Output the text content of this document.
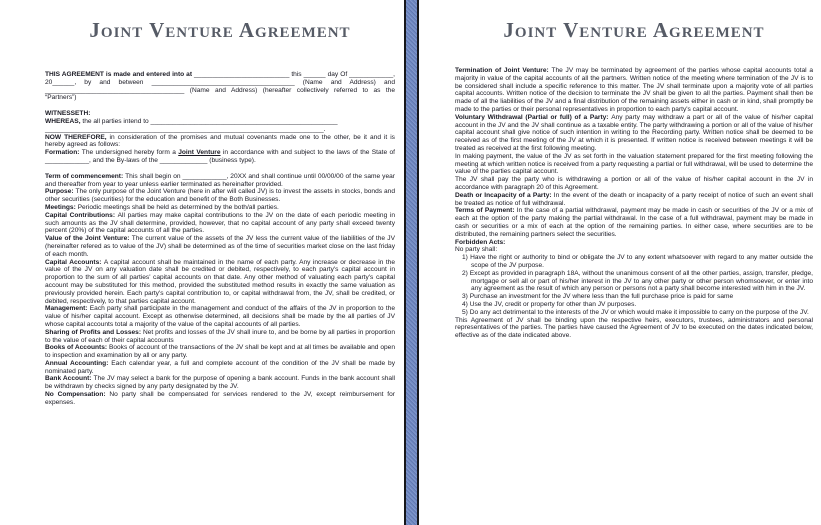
Joint Venture Agreement

THIS AGREEMENT is made and entered into at __________________________ this ______ day Of ____________, 20______, by and between _______________________________________ (Name and Address) and ______________________________________ (Name and Address) (hereafter collectively referred to as the “Partners”)

WITNESSETH:

WHEREAS, the all parties intend to ___________________________________________________

____________________________________________________________________________.

NOW THEREFORE, in consideration of the promises and mutual covenants made one to the other, be it and it is hereby agreed as follows:

Formation: The undersigned hereby form a Joint Venture in accordance with and subject to the laws of the State of ____________, and the By-laws of the _____________ (business type).

Term of commencement: This shall begin on ____________, 20XX and shall continue until 00/00/00 of the same year and thereafter from year to year unless earlier terminated as hereinafter provided.

Purpose: The only purpose of the Joint Venture (here in after will called JV) is to invest the assets in stocks, bonds and other securities (securities) for the education and benefit of the Both Businesses.

Meetings: Periodic meetings shall be held as determined by the both/all parties.

Capital Contributions: All parties may make capital contributions to the JV on the date of each periodic meeting in such amounts as the JV shall determine, provided, however, that no capital account of any party shall exceed twenty percent (20%) of the capital accounts of all the parties.

Value of the Joint Venture: The current value of the assets of the JV less the current value of the liabilities of the JV (hereinafter refered as to value of the JV) shall be determined as of the time of securities market close on the last friday of each month.

Capital Accounts: A capital account shall be maintained in the name of each party. Any increase or decrease in the value of the JV on any valuation date shall be credited or debited, respectively, to each party's capital account in proportion to the sum of all parties' capital accounts on that date. Any other method of valuating each party's capital account may be substituted for this method, provided the substituted method results in exactly the same valuation as previously provided herein. Each party's capital contribution to, or capital withdrawal from, the JV, shall be credited, or debited, respectively, to that parties capital account.

Management: Each party shall participate in the management and conduct of the affairs of the JV in proportion to the value of his/her capital account. Except as otherwise determined, all decisions shall be made by the all parties of JV whose capital accounts total a majority of the value of the capital accounts of all parties.

Sharing of Profits and Losses: Net profits and losses of the JV shall inure to, and be borne by all parties in proportion to the value of each of their capital accounts

Books of Accounts: Books of account of the transactions of the JV shall be kept and at all times be available and open to inspection and examination by all or any party.

Annual Accounting: Each calendar year, a full and complete account of the condition of the JV shall be made by nominated party.

Bank Account: The JV may select a bank for the purpose of opening a bank account. Funds in the bank account shall be withdrawn by checks signed by any party designated by the JV.

No Compensation: No party shall be compensated for services rendered to the JV, except reimbursement for expenses.

Joint Venture Agreement

Termination of Joint Venture: The JV may be terminated by agreement of the parties whose capital accounts total a majority in value of the capital accounts of all the partners. Written notice of the meeting where termination of the JV is to be considered shall include a specific reference to this matter. The JV shall terminate upon a majority vote of all parties capital accounts. Written notice of the decision to terminate the JV shall be given to all the parties. Payment shall then be made of all the liabilities of the JV and a final distribution of the remaining assets either in cash or in kind, shall promptly be made to the parties or their personal representatives in proportion to each party's capital account.

Voluntary Withdrawal (Partial or full) of a Party: Any party may withdraw a part or all of the value of his/her capital account in the JV and the JV shall continue as a taxable entity. The party withdrawing a portion or all of the value of his/her capital account shall give notice of such intention in writing to the Recording party. Written notice shall be deemed to be received as of the first meeting of the JV at which it is presented. If written notice is received between meetings it will be treated as received at the first following meeting.

In making payment, the value of the JV as set forth in the valuation statement prepared for the first meeting following the meeting at which written notice is received from a party requesting a partial or full withdrawal, will be used to determine the value of the parties capital account.

The JV shall pay the party who is withdrawing a portion or all of the value of his/her capital account in the JV in accordance with paragraph 20 of this Agreement.

Death or Incapacity of a Party: In the event of the death or incapacity of a party receipt of notice of such an event shall be treated as notice of full withdrawal.

Terms of Payment: In the case of a partial withdrawal, payment may be made in cash or securities of the JV or a mix of each at the option of the party making the partial withdrawal. In the case of a full withdrawal, payment may be made in cash or securities or a mix of each at the option of the remaining parties. In either case, where securities are to be distributed, the remaining partners select the securities.

Forbidden Acts:

No party shall:

1) Have the right or authority to bind or obligate the JV to any extent whatsoever with regard to any matter outside the scope of the JV purpose.

2) Except as provided in paragraph 18A, without the unanimous consent of all the other parties, assign, transfer, pledge, mortgage or sell all or part of his/her interest in the JV to any other party or other person whomsoever, or enter into any agreement as the result of which any person or persons not a party shall become interested with him in the JV.

3) Purchase an investment for the JV where less than the full purchase price is paid for same

4) Use the JV, credit or property for other than JV purposes.

5) Do any act detrimental to the interests of the JV or which would make it impossible to carry on the purpose of the JV.

This Agreement of JV shall be binding upon the respective heirs, executors, trustees, administrators and personal representatives of the parties. The parties have caused the Agreement of JV to be executed on the dates indicated below, effective as of the date indicated above.
